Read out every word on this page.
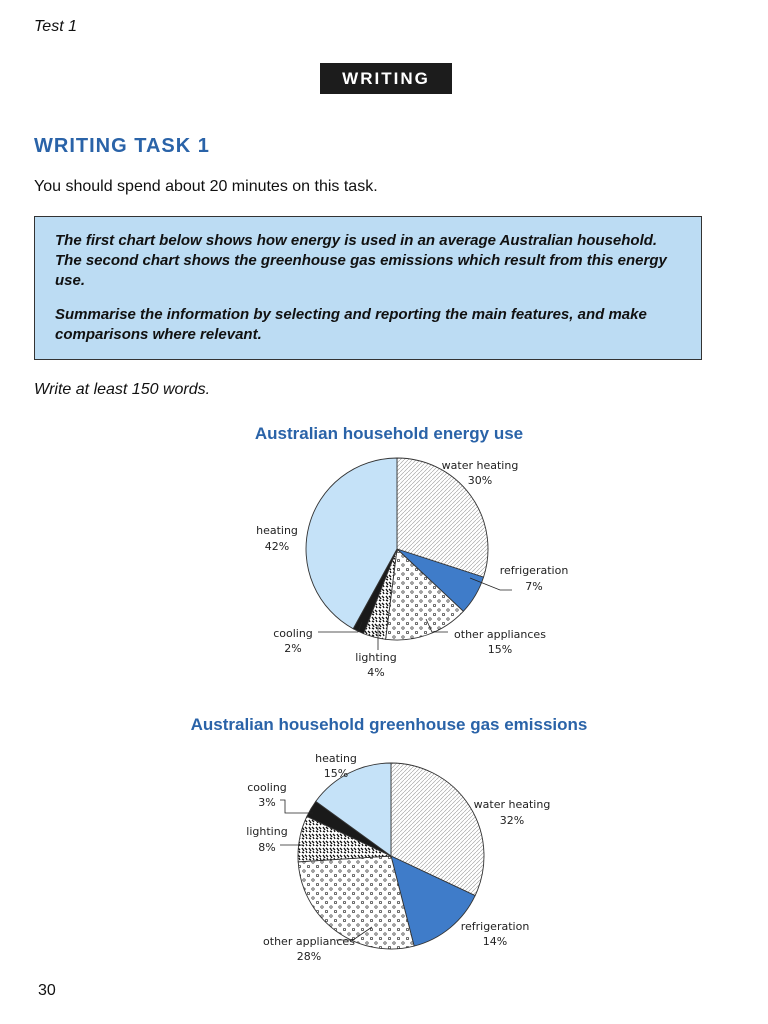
Test 1
WRITING
WRITING TASK 1
You should spend about 20 minutes on this task.

The first chart below shows how energy is used in an average Australian household. The second chart shows the greenhouse gas emissions which result from this energy use.

Summarise the information by selecting and reporting the main features, and make comparisons where relevant.

Write at least 150 words.
Australian household energy use
water heating
30%
refrigeration
7%
other appliances
15%
lighting
4%
cooling
2%
heating
42%
Australian household greenhouse gas emissions
water heating
32%
refrigeration
14%
other appliances
28%
lighting
8%
cooling
3%
heating
15%
30
